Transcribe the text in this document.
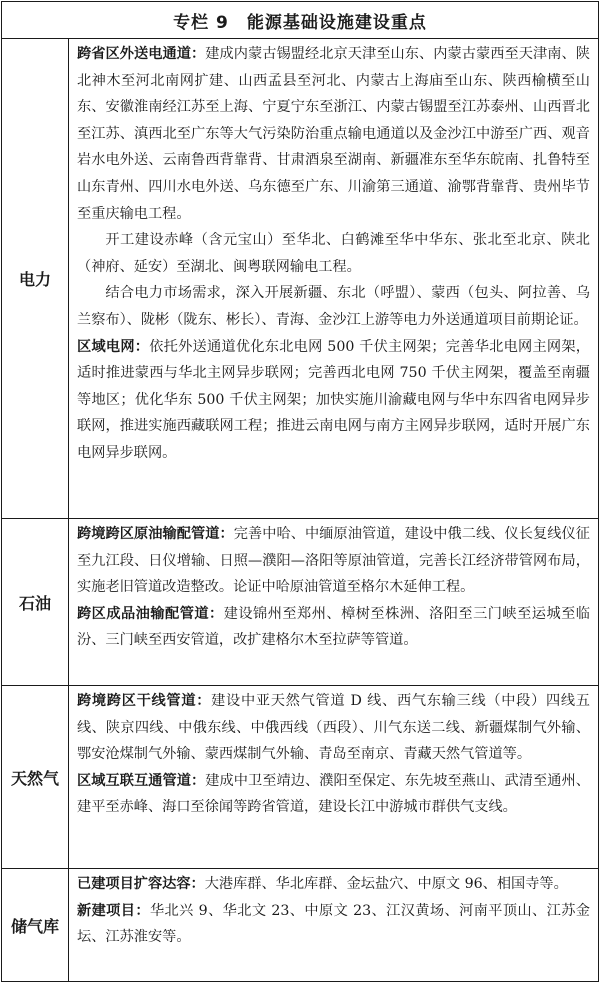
专栏 9　能源基础设施建设重点
电力

跨省区外送电通道：建成内蒙古锡盟经北京天津至山东、内蒙古蒙西至天津南、陕北神木至河北南网扩建、山西孟县至河北、内蒙古上海庙至山东、陕西榆横至山东、安徽淮南经江苏至上海、宁夏宁东至浙江、内蒙古锡盟至江苏泰州、山西晋北至江苏、滇西北至广东等大气污染防治重点输电通道以及金沙江中游至广西、观音岩水电外送、云南鲁西背靠背、甘肃酒泉至湖南、新疆准东至华东皖南、扎鲁特至山东青州、四川水电外送、乌东德至广东、川渝第三通道、渝鄂背靠背、贵州毕节至重庆输电工程。

开工建设赤峰（含元宝山）至华北、白鹤滩至华中华东、张北至北京、陕北（神府、延安）至湖北、闽粤联网输电工程。

结合电力市场需求，深入开展新疆、东北（呼盟）、蒙西（包头、阿拉善、乌兰察布）、陇彬（陇东、彬长）、青海、金沙江上游等电力外送通道项目前期论证。

区域电网：依托外送通道优化东北电网 500 千伏主网架；完善华北电网主网架，适时推进蒙西与华北主网异步联网；完善西北电网 750 千伏主网架，覆盖至南疆等地区；优化华东 500 千伏主网架；加快实施川渝藏电网与华中东四省电网异步联网，推进实施西藏联网工程；推进云南电网与南方主网异步联网，适时开展广东电网异步联网。

石油

跨境跨区原油输配管道：完善中哈、中缅原油管道，建设中俄二线、仪长复线仪征至九江段、日仪增输、日照—濮阳—洛阳等原油管道，完善长江经济带管网布局，实施老旧管道改造整改。论证中哈原油管道至格尔木延伸工程。

跨区成品油输配管道：建设锦州至郑州、樟树至株洲、洛阳至三门峡至运城至临汾、三门峡至西安管道，改扩建格尔木至拉萨等管道。

天然气

跨境跨区干线管道：建设中亚天然气管道 D 线、西气东输三线（中段）四线五线、陕京四线、中俄东线、中俄西线（西段）、川气东送二线、新疆煤制气外输、鄂安沧煤制气外输、蒙西煤制气外输、青岛至南京、青藏天然气管道等。

区域互联互通管道：建成中卫至靖边、濮阳至保定、东先坡至燕山、武清至通州、建平至赤峰、海口至徐闻等跨省管道，建设长江中游城市群供气支线。

储气库

已建项目扩容达容：大港库群、华北库群、金坛盐穴、中原文 96、相国寺等。

新建项目：华北兴 9、华北文 23、中原文 23、江汉黄场、河南平顶山、江苏金坛、江苏淮安等。
